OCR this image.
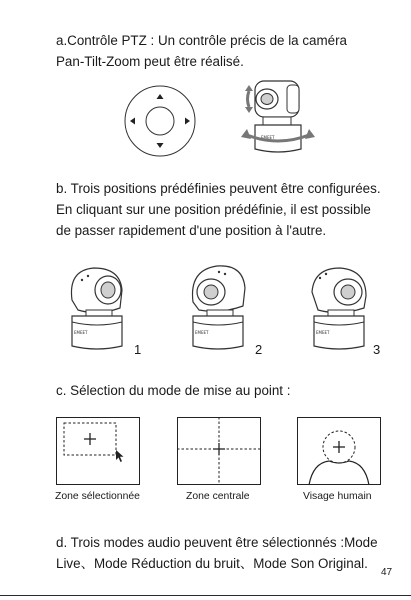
a.Contrôle PTZ : Un contrôle précis de la caméra
Pan-Tilt-Zoom peut être réalisé.

EMEET

b. Trois positions prédéfinies peuvent être configurées.
En cliquant sur une position prédéfinie, il est possible
de passer rapidement d'une position à l'autre.

EMEET
1
EMEET
2
EMEET
3

c. Sélection du mode de mise au point :

Zone sélectionnée	Zone centrale	Visage humain

d. Trois modes audio peuvent être sélectionnés :Mode
Live、Mode Réduction du bruit、Mode Son Original.

47
